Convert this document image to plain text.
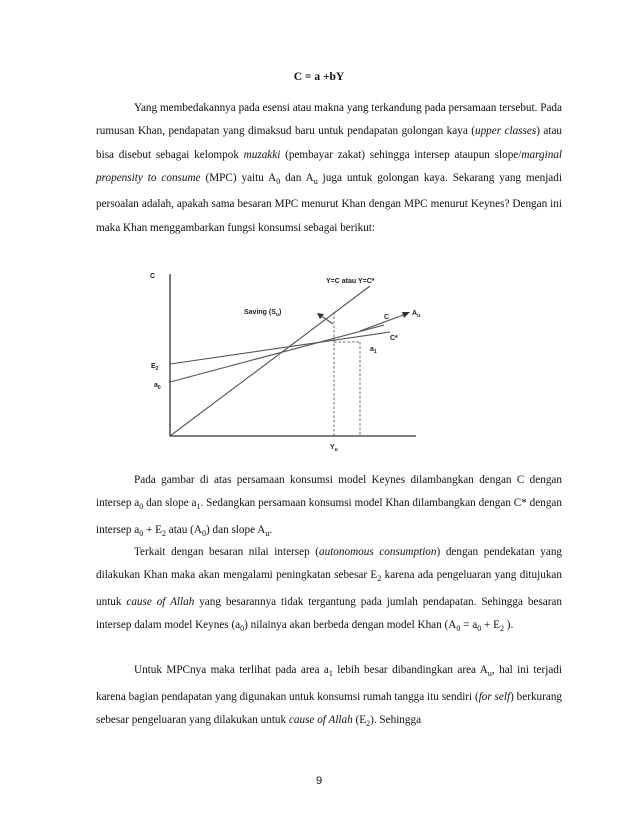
C = a +bY

Yang membedakannya pada esensi atau makna yang terkandung pada persamaan tersebut. Pada rumusan Khan, pendapatan yang dimaksud baru untuk pendapatan golongan kaya (upper classes) atau bisa disebut sebagai kelompok muzakki (pembayar zakat) sehingga intersep ataupun slope/marginal propensity to consume (MPC) yaitu $A_0$ dan $A_u$ juga untuk golongan kaya. Sekarang yang menjadi persoalan adalah, apakah sama besaran MPC menurut Khan dengan MPC menurut Keynes? Dengan ini maka Khan menggambarkan fungsi konsumsi sebagai berikut:

C
Y=C atau Y=C*
Saving $(S_u)$
C
$A_u$
C*
$a_1$
$E_2$
$a_0$
$Y_u$

Pada gambar di atas persamaan konsumsi model Keynes dilambangkan dengan C dengan intersep $a_0$ dan slope $a_1$. Sedangkan persamaan konsumsi model Khan dilambangkan dengan C* dengan intersep $a_0 + E_2$ atau $(A_0)$ dan slope $A_u$.

Terkait dengan besaran nilai intersep (autonomous consumption) dengan pendekatan yang dilakukan Khan maka akan mengalami peningkatan sebesar $E_2$ karena ada pengeluaran yang ditujukan untuk cause of Allah yang besarannya tidak tergantung pada jumlah pendapatan. Sehingga besaran intersep dalam model Keynes $(a_0)$ nilainya akan berbeda dengan model Khan ($A_0 = a_0 + E_2$ ).

Untuk MPCnya maka terlihat pada area $a_1$ lebih besar dibandingkan area $A_u$, hal ini terjadi karena bagian pendapatan yang digunakan untuk konsumsi rumah tangga itu sendiri (for self) berkurang sebesar pengeluaran yang dilakukan untuk cause of Allah $(E_2)$. Sehingga

9
